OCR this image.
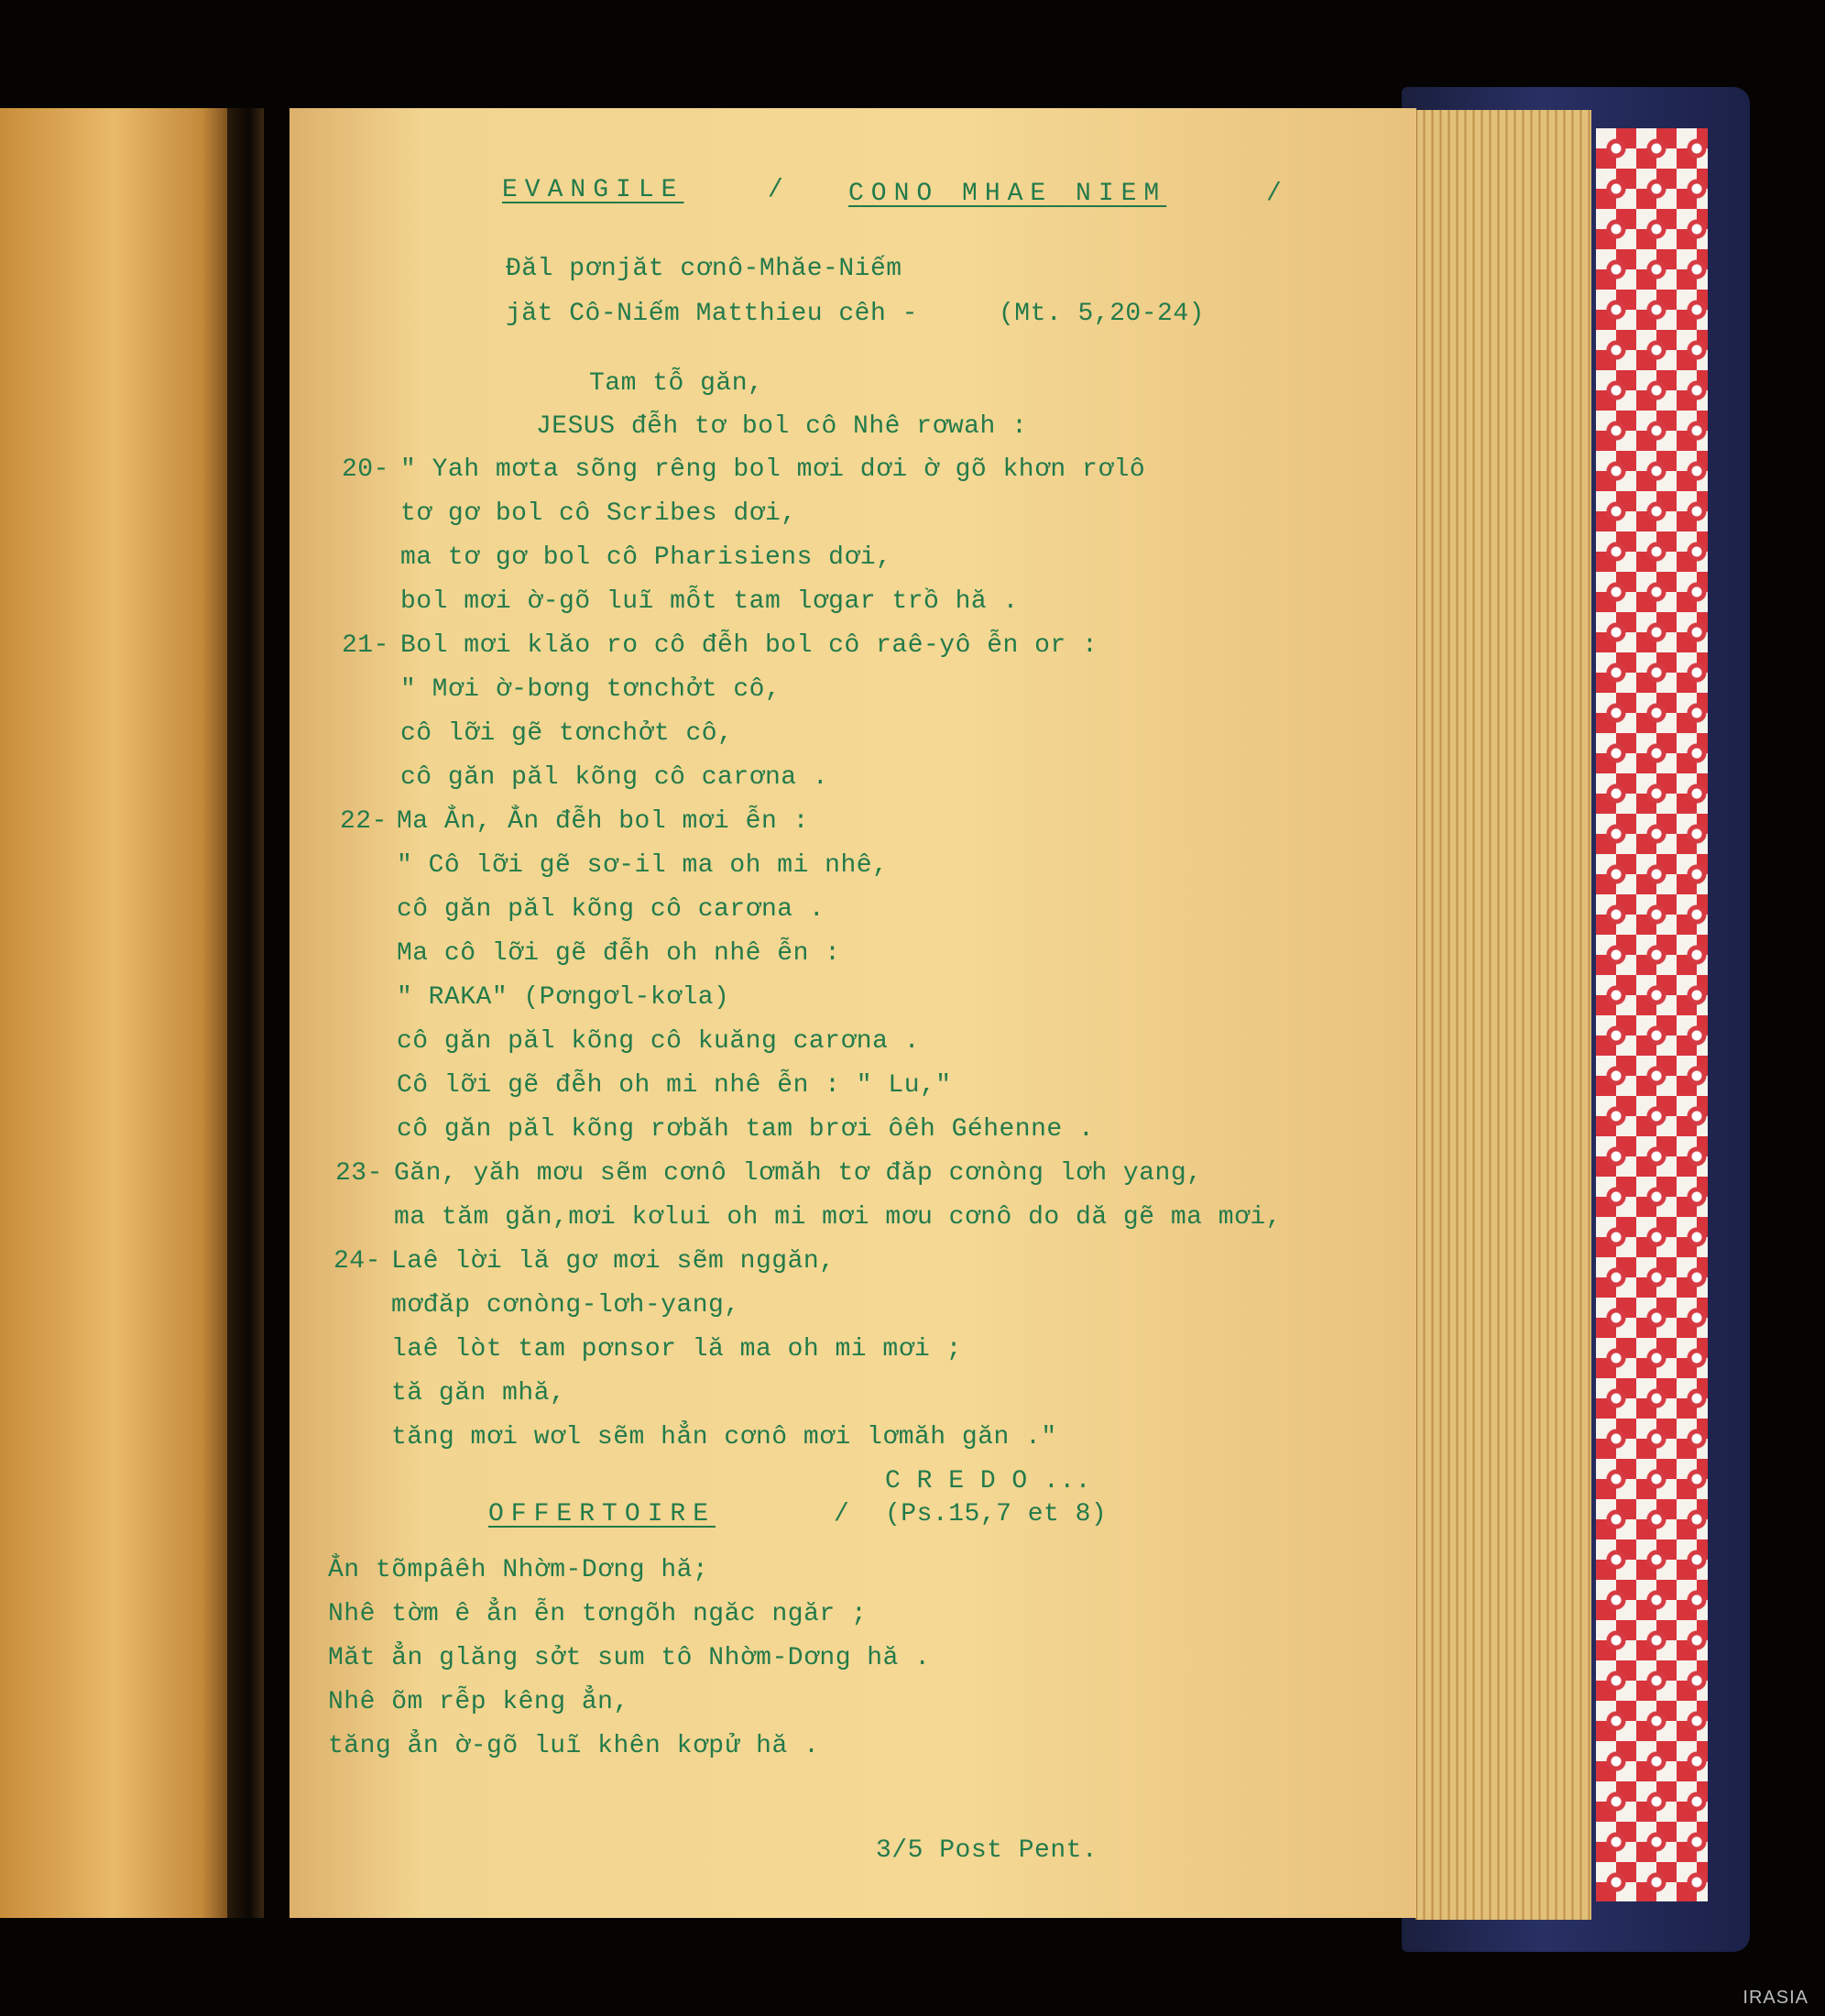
EVANGILE	/	CONO MHAE NIEM	/

Đăl pơnjăt cơnô-Mhăe-Niếm

jăt Cô-Niếm Matthieu cêh -	(Mt. 5,20-24)

Tam tỗ găn,

JESUS đễh tơ bol cô Nhê rơwah :

20- " Yah mơta sõng rêng bol mơi dơi ờ gõ khơn rơlô

tơ gơ bol cô Scribes dơi,

ma tơ gơ bol cô Pharisiens dơi,

bol mơi ờ-gõ luĩ mỗt tam lơgar trồ hă .

21- Bol mơi klăo ro cô đễh bol cô raê-yô ễn or :

" Mơi ờ-bơng tơnchởt cô,

cô lỡi gẽ tơnchởt cô,

cô găn păl kõng cô carơna .

22- Ma Ẳn, Ẳn đễh bol mơi ễn :

" Cô lỡi gẽ sơ-il ma oh mi nhê,

cô găn păl kõng cô carơna .

Ma cô lỡi gẽ đễh oh nhê ễn :

" RAKA" (Pơngơl-kơla)

cô găn păl kõng cô kuăng carơna .

Cô lỡi gẽ đễh oh mi nhê ễn : " Lu,"

cô găn păl kõng rơbăh tam brơi ôêh Géhenne .

23- Găn, yăh mơu sẽm cơnô lơmăh tơ đăp cơnòng lơh yang,

ma tăm găn,mơi kơlui oh mi mơi mơu cơnô do dă gẽ ma mơi,

24- Laê lời lă gơ mơi sẽm nggăn,

mơđăp cơnòng-lơh-yang,

laê lòt tam pơnsor lă ma oh mi mơi ;

tă găn mhă,

tăng mơi wơl sẽm hẳn cơnô mơi lơmăh găn ."

C R E D O ...

OFFERTOIRE	/ (Ps.15,7 et 8)

Ẳn tõmpâêh Nhờm-Dơng hă;

Nhê tờm ê ẳn ễn tơngõh ngăc ngăr ;

Măt ẳn glăng sởt sum tô Nhờm-Dơng hă .

Nhê õm rễp kêng ẳn,

tăng ẳn ờ-gõ luĩ khên kơpử hă .

3/5 Post Pent.

IRASIA
